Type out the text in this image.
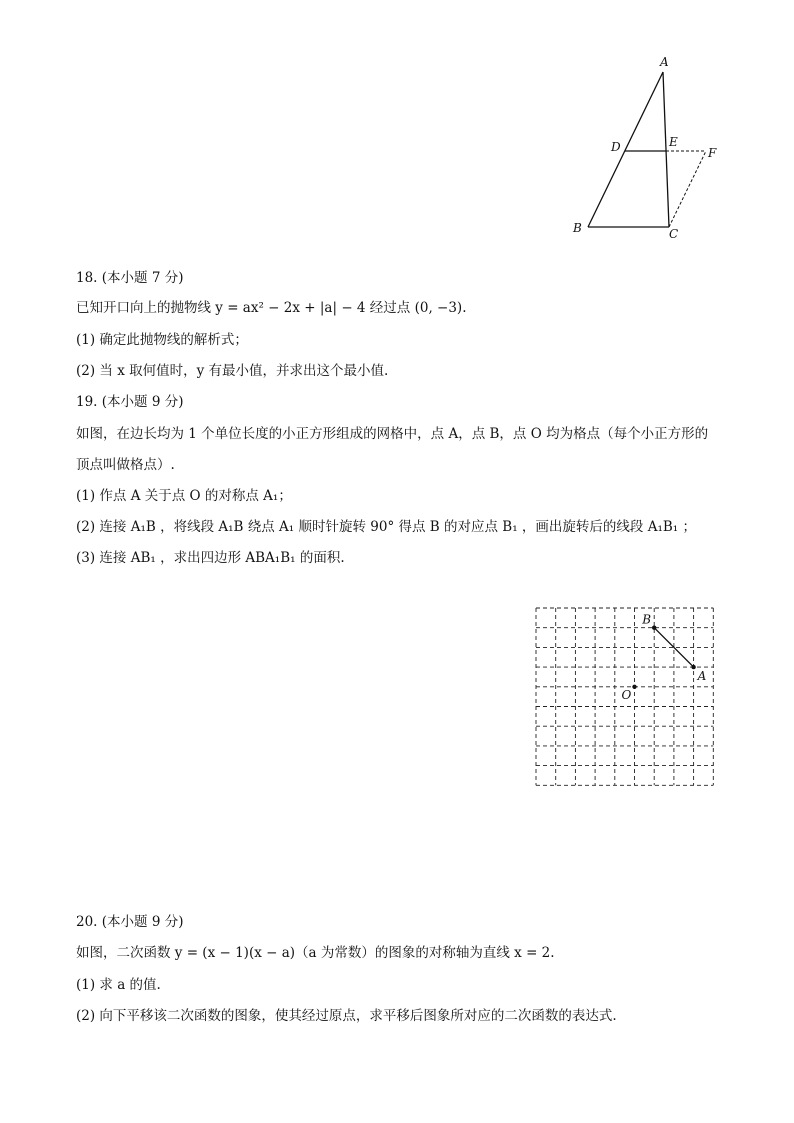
A
D	E
F
B	C
18. (本小题 7 分)
已知开口向上的抛物线 y = ax² − 2x + |a| − 4 经过点 (0, −3).
(1) 确定此抛物线的解析式；
(2) 当 x 取何值时，y 有最小值，并求出这个最小值.
19. (本小题 9 分)
如图，在边长均为 1 个单位长度的小正方形组成的网格中，点 A，点 B，点 O 均为格点（每个小正方形的
顶点叫做格点）.
(1) 作点 A 关于点 O 的对称点 A₁；
(2) 连接 A₁B ，将线段 A₁B 绕点 A₁ 顺时针旋转 90° 得点 B 的对应点 B₁ ，画出旋转后的线段 A₁B₁ ；
(3) 连接 AB₁ ，求出四边形 ABA₁B₁ 的面积.
A
B
O
20. (本小题 9 分)
如图，二次函数 y = (x − 1)(x − a)（a 为常数）的图象的对称轴为直线 x = 2.
(1) 求 a 的值.
(2) 向下平移该二次函数的图象，使其经过原点，求平移后图象所对应的二次函数的表达式.
